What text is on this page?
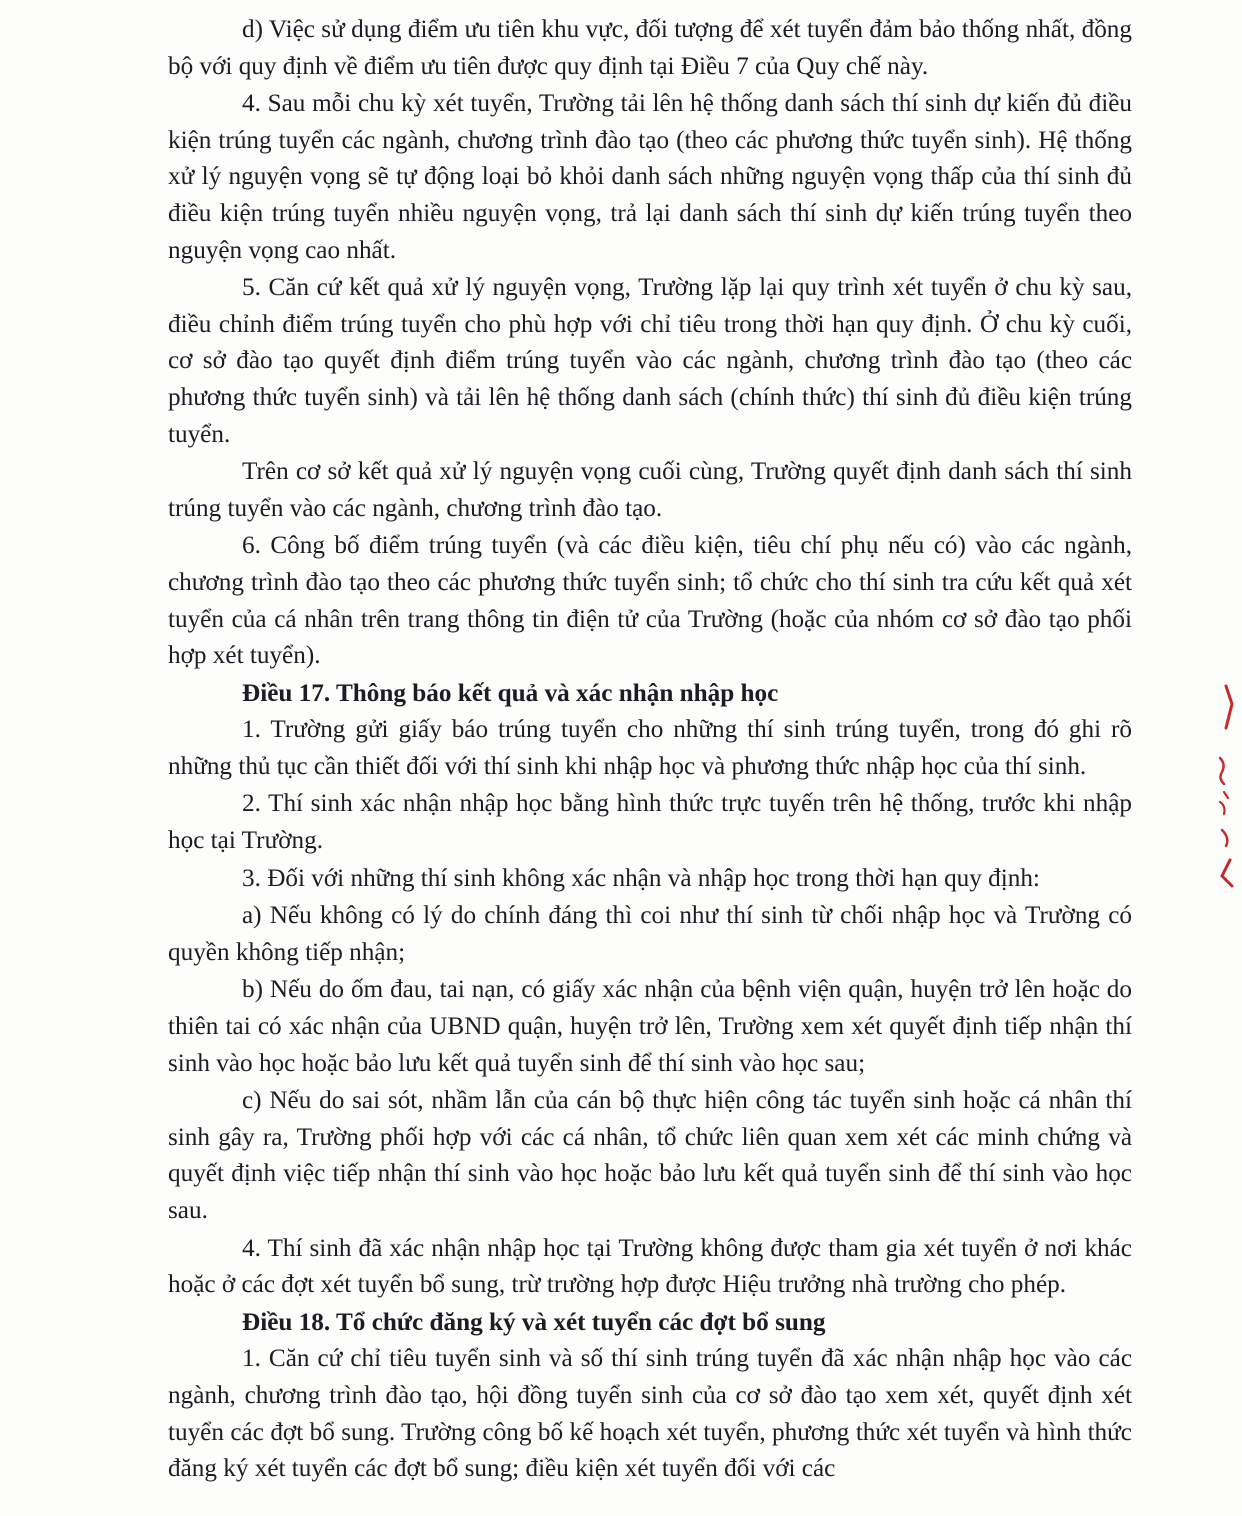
d) Việc sử dụng điểm ưu tiên khu vực, đối tượng để xét tuyển đảm bảo thống nhất, đồng bộ với quy định về điểm ưu tiên được quy định tại Điều 7 của Quy chế này.

4. Sau mỗi chu kỳ xét tuyển, Trường tải lên hệ thống danh sách thí sinh dự kiến đủ điều kiện trúng tuyển các ngành, chương trình đào tạo (theo các phương thức tuyển sinh). Hệ thống xử lý nguyện vọng sẽ tự động loại bỏ khỏi danh sách những nguyện vọng thấp của thí sinh đủ điều kiện trúng tuyển nhiều nguyện vọng, trả lại danh sách thí sinh dự kiến trúng tuyển theo nguyện vọng cao nhất.

5. Căn cứ kết quả xử lý nguyện vọng, Trường lặp lại quy trình xét tuyển ở chu kỳ sau, điều chỉnh điểm trúng tuyển cho phù hợp với chỉ tiêu trong thời hạn quy định. Ở chu kỳ cuối, cơ sở đào tạo quyết định điểm trúng tuyển vào các ngành, chương trình đào tạo (theo các phương thức tuyển sinh) và tải lên hệ thống danh sách (chính thức) thí sinh đủ điều kiện trúng tuyển.

Trên cơ sở kết quả xử lý nguyện vọng cuối cùng, Trường quyết định danh sách thí sinh trúng tuyển vào các ngành, chương trình đào tạo.

6. Công bố điểm trúng tuyển (và các điều kiện, tiêu chí phụ nếu có) vào các ngành, chương trình đào tạo theo các phương thức tuyển sinh; tổ chức cho thí sinh tra cứu kết quả xét tuyển của cá nhân trên trang thông tin điện tử của Trường (hoặc của nhóm cơ sở đào tạo phối hợp xét tuyển).

Điều 17. Thông báo kết quả và xác nhận nhập học

1. Trường gửi giấy báo trúng tuyển cho những thí sinh trúng tuyển, trong đó ghi rõ những thủ tục cần thiết đối với thí sinh khi nhập học và phương thức nhập học của thí sinh.

2. Thí sinh xác nhận nhập học bằng hình thức trực tuyến trên hệ thống, trước khi nhập học tại Trường.

3. Đối với những thí sinh không xác nhận và nhập học trong thời hạn quy định:

a) Nếu không có lý do chính đáng thì coi như thí sinh từ chối nhập học và Trường có quyền không tiếp nhận;

b) Nếu do ốm đau, tai nạn, có giấy xác nhận của bệnh viện quận, huyện trở lên hoặc do thiên tai có xác nhận của UBND quận, huyện trở lên, Trường xem xét quyết định tiếp nhận thí sinh vào học hoặc bảo lưu kết quả tuyển sinh để thí sinh vào học sau;

c) Nếu do sai sót, nhầm lẫn của cán bộ thực hiện công tác tuyển sinh hoặc cá nhân thí sinh gây ra, Trường phối hợp với các cá nhân, tổ chức liên quan xem xét các minh chứng và quyết định việc tiếp nhận thí sinh vào học hoặc bảo lưu kết quả tuyển sinh để thí sinh vào học sau.

4. Thí sinh đã xác nhận nhập học tại Trường không được tham gia xét tuyển ở nơi khác hoặc ở các đợt xét tuyển bổ sung, trừ trường hợp được Hiệu trưởng nhà trường cho phép.

Điều 18. Tổ chức đăng ký và xét tuyển các đợt bổ sung

1. Căn cứ chỉ tiêu tuyển sinh và số thí sinh trúng tuyển đã xác nhận nhập học vào các ngành, chương trình đào tạo, hội đồng tuyển sinh của cơ sở đào tạo xem xét, quyết định xét tuyển các đợt bổ sung. Trường công bố kế hoạch xét tuyển, phương thức xét tuyển và hình thức đăng ký xét tuyển các đợt bổ sung; điều kiện xét tuyển đối với các
